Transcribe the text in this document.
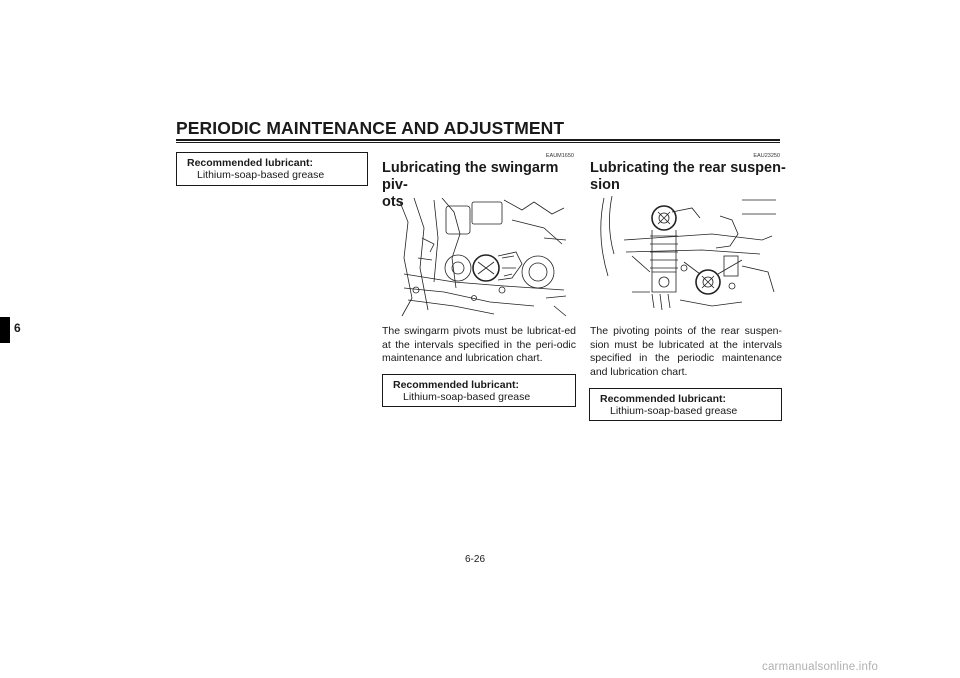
PERIODIC MAINTENANCE AND ADJUSTMENT
6
Recommended lubricant:
Lithium-soap-based grease
EAUM1650
Lubricating the swingarm piv-
ots
The swingarm pivots must be lubricat-ed at the intervals specified in the peri-odic maintenance and lubrication chart.
Recommended lubricant:
Lithium-soap-based grease
EAU23250
Lubricating the rear suspen-
sion
The pivoting points of the rear suspen-sion must be lubricated at the intervals specified in the periodic maintenance and lubrication chart.
Recommended lubricant:
Lithium-soap-based grease
6-26
carmanualsonline.info
